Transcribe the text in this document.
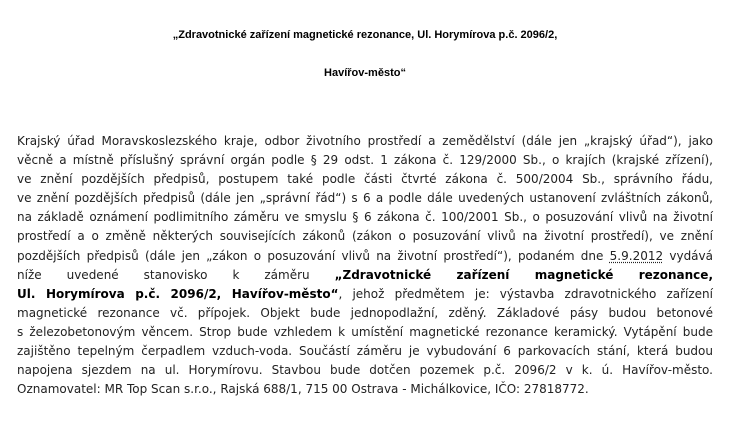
„Zdravotnické zařízení magnetické rezonance, Ul. Horymírova p.č. 2096/2,
Havířov-město“
Krajský úřad Moravskoslezského kraje, odbor životního prostředí a zemědělství (dále jen „krajský úřad“), jako
věcně a místně příslušný správní orgán podle § 29 odst. 1 zákona č. 129/2000 Sb., o krajích (krajské zřízení),
ve znění pozdějších předpisů, postupem také podle části čtvrté zákona č. 500/2004 Sb., správního řádu,
ve znění pozdějších předpisů (dále jen „správní řád“) s 6 a podle dále uvedených ustanovení zvláštních zákonů,
na základě oznámení podlimitního záměru ve smyslu § 6 zákona č. 100/2001 Sb., o posuzování vlivů na životní
prostředí a o změně některých souvisejících zákonů (zákon o posuzování vlivů na životní prostředí), ve znění
pozdějších předpisů (dále jen „zákon o posuzování vlivů na životní prostředí“), podaném dne 5.9.2012 vydává
níže uvedené stanovisko k záměru „Zdravotnické zařízení magnetické rezonance,
Ul. Horymírova p.č. 2096/2, Havířov-město“, jehož předmětem je: výstavba zdravotnického zařízení
magnetické rezonance vč. přípojek. Objekt bude jednopodlažní, zděný. Základové pásy budou betonové
s železobetonovým věncem. Strop bude vzhledem k umístění magnetické rezonance keramický. Vytápění bude
zajištěno tepelným čerpadlem vzduch-voda. Součástí záměru je vybudování 6 parkovacích stání, která budou
napojena sjezdem na ul. Horymírovu. Stavbou bude dotčen pozemek p.č. 2096/2 v k. ú. Havířov-město.
Oznamovatel: MR Top Scan s.r.o., Rajská 688/1, 715 00 Ostrava - Michálkovice, IČO: 27818772.
